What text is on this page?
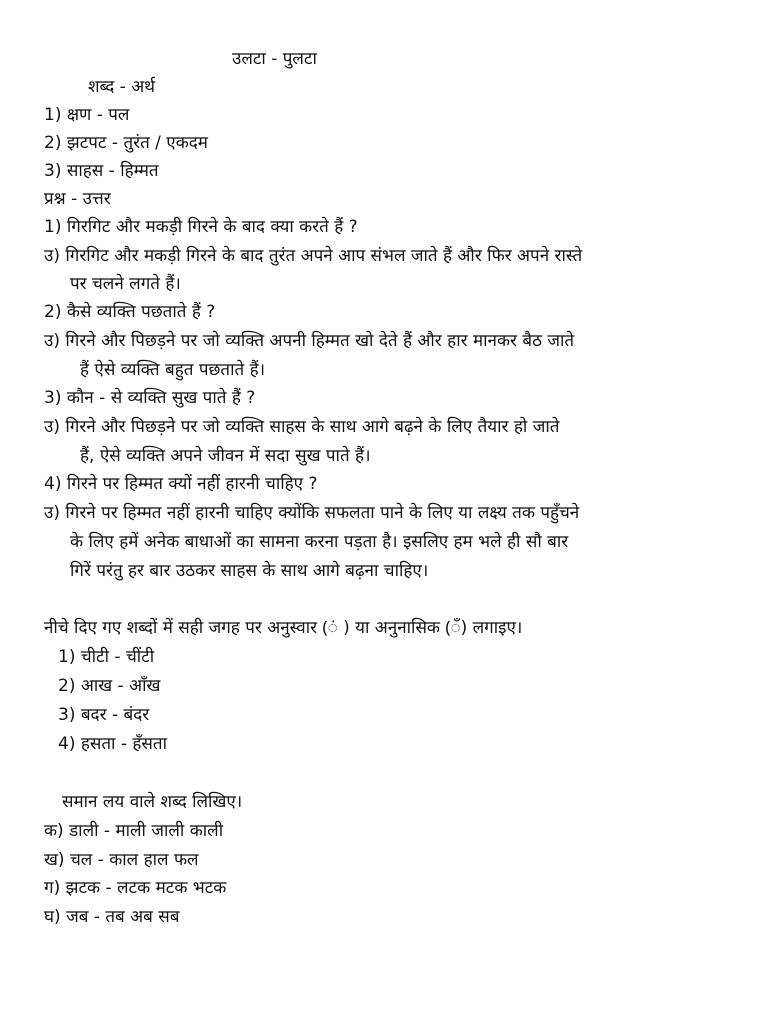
उलटा - पुलटा
शब्द - अर्थ
1) क्षण - पल
2) झटपट - तुरंत / एकदम
3) साहस - हिम्मत
प्रश्न - उत्तर
1) गिरगिट और मकड़ी गिरने के बाद क्या करते हैं ?
उ) गिरगिट और मकड़ी गिरने के बाद तुरंत अपने आप संभल जाते हैं और फिर अपने रास्ते
पर चलने लगते हैं।
2) कैसे व्यक्ति पछताते हैं ?
उ) गिरने और पिछड़ने पर जो व्यक्ति अपनी हिम्मत खो देते हैं और हार मानकर बैठ जाते
हैं ऐसे व्यक्ति बहुत पछताते हैं।
3) कौन - से व्यक्ति सुख पाते हैं ?
उ) गिरने और पिछड़ने पर जो व्यक्ति साहस के साथ आगे बढ़ने के लिए तैयार हो जाते
हैं, ऐसे व्यक्ति अपने जीवन में सदा सुख पाते हैं।
4) गिरने पर हिम्मत क्यों नहीं हारनी चाहिए ?
उ) गिरने पर हिम्मत नहीं हारनी चाहिए क्योंकि सफलता पाने के लिए या लक्ष्य तक पहुँचने
के लिए हमें अनेक बाधाओं का सामना करना पड़ता है। इसलिए हम भले ही सौ बार
गिरें परंतु हर बार उठकर साहस के साथ आगे बढ़ना चाहिए।
नीचे दिए गए शब्दों में सही जगह पर अनुस्वार (ं ) या अनुनासिक (ँ) लगाइए।
1) चीटी - चींटी
2) आख - आँख
3) बदर - बंदर
4) हसता - हँसता
समान लय वाले शब्द लिखिए।
क) डाली - माली जाली काली
ख) चल - काल हाल फल
ग) झटक - लटक मटक भटक
घ) जब - तब अब सब
